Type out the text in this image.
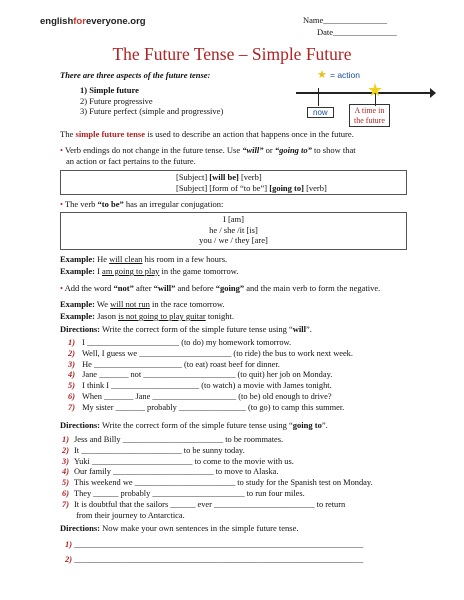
englishforeveryone.org	Name_______________
Date_______________
The Future Tense – Simple Future
There are three aspects of the future tense:
1) Simple future
2) Future progressive
3) Future perfect (simple and progressive)
★ = action
★
now	A time in
the future
The simple future tense is used to describe an action that happens once in the future.
• Verb endings do not change in the future tense. Use “will” or “going to” to show that
an action or fact pertains to the future.
[Subject] [will be] [verb]
[Subject] [form of “to be”] [going to] [verb]
• The verb “to be” has an irregular conjugation:
I [am]
he / she /it [is]
you / we / they [are]
Example: He will clean his room in a few hours.
Example: I am going to play in the game tomorrow.
• Add the word “not” after “will” and before “going” and the main verb to form the negative.
Example: We will not run in the race tomorrow.
Example: Jason is not going to play guitar tonight.
Directions: Write the correct form of the simple future tense using “will”.
1) I ______________________ (to do) my homework tomorrow.
2) Well, I guess we ______________________ (to ride) the bus to work next week.
3) He _____________________ (to eat) roast beef for dinner.
4) Jane _______ not ______________________ (to quit) her job on Monday.
5) I think I _____________________ (to watch) a movie with James tonight.
6) When _______ Jane ____________________ (to be) old enough to drive?
7) My sister _______ probably ________________ (to go) to camp this summer.
Directions: Write the correct form of the simple future tense using “going to”.
1) Jess and Billy ________________________ to be roommates.
2) It ________________________ to be sunny today.
3) Yuki ________________________ to come to the movie with us.
4) Our family ________________________ to move to Alaska.
5) This weekend we ________________________ to study for the Spanish test on Monday.
6) They ______ probably ______________________ to run four miles.
7) It is doubtful that the sailors ______ ever ________________________ to return
from their journey to Antarctica.
Directions: Now make your own sentences in the simple future tense.
1) ____________________________________________________________________
2) ____________________________________________________________________
